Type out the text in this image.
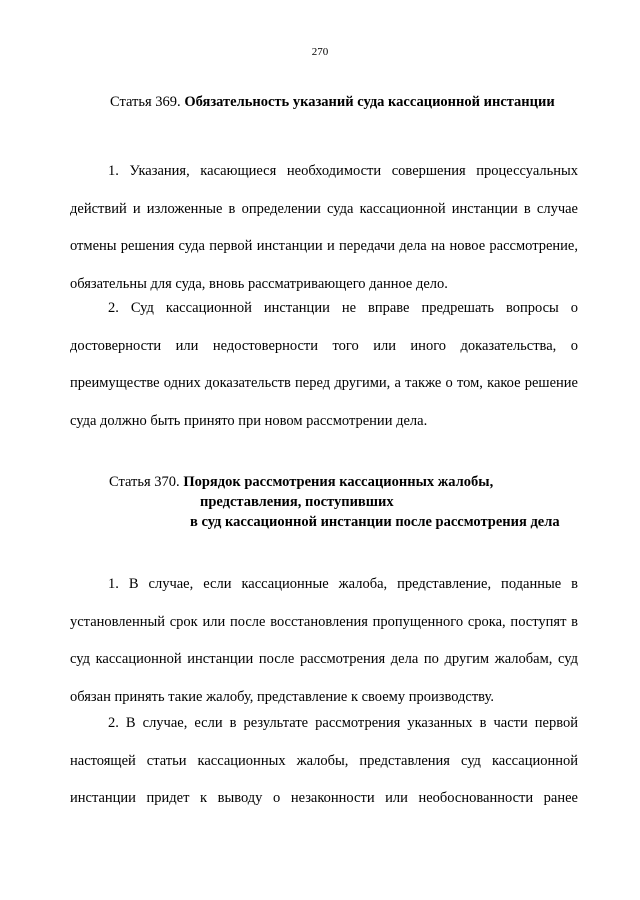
270
Статья 369. Обязательность указаний суда кассационной инстанции

1. Указания, касающиеся необходимости совершения процессуальных действий и изложенные в определении суда кассационной инстанции в случае отмены решения суда первой инстанции и передачи дела на новое рассмотрение, обязательны для суда, вновь рассматривающего данное дело.

2. Суд кассационной инстанции не вправе предрешать вопросы о достоверности или недостоверности того или иного доказательства, о преимуществе одних доказательств перед другими, а также о том, какое решение суда должно быть принято при новом рассмотрении дела.

Статья 370. Порядок рассмотрения кассационных жалобы,
представления, поступивших
в суд кассационной инстанции после рассмотрения дела

1. В случае, если кассационные жалоба, представление, поданные в установленный срок или после восстановления пропущенного срока, поступят в суд кассационной инстанции после рассмотрения дела по другим жалобам, суд обязан принять такие жалобу, представление к своему производству.

2. В случае, если в результате рассмотрения указанных в части первой настоящей статьи кассационных жалобы, представления суд кассационной инстанции придет к выводу о незаконности или необоснованности ранее
